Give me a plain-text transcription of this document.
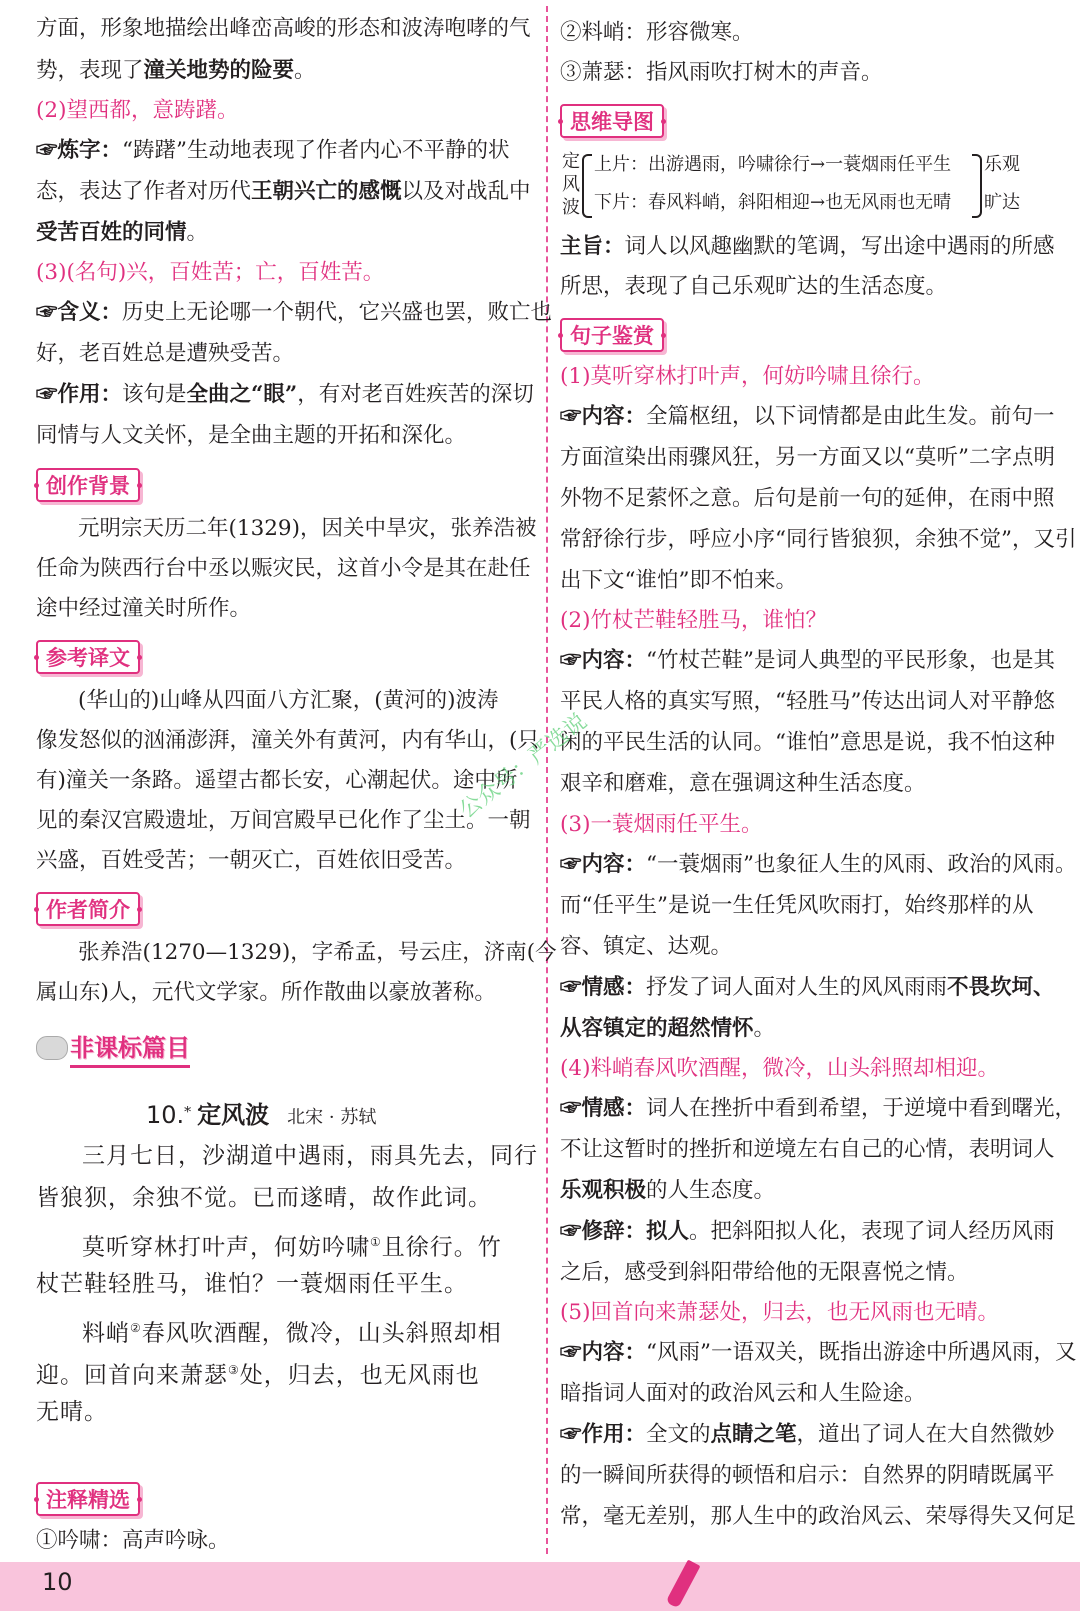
方面，形象地描绘出峰峦高峻的形态和波涛咆哮的气
势，表现了潼关地势的险要。
(2)望西都，意踌躇。
☞炼字：“踌躇”生动地表现了作者内心不平静的状
态，表达了作者对历代王朝兴亡的感慨以及对战乱中
受苦百姓的同情。
(3)(名句)兴，百姓苦；亡，百姓苦。
☞含义：历史上无论哪一个朝代，它兴盛也罢，败亡也
好，老百姓总是遭殃受苦。
☞作用：该句是全曲之“眼”，有对老百姓疾苦的深切
同情与人文关怀，是全曲主题的开拓和深化。
创作背景
元明宗天历二年(1329)，因关中旱灾，张养浩被
任命为陕西行台中丞以赈灾民，这首小令是其在赴任
途中经过潼关时所作。
参考译文
(华山的)山峰从四面八方汇聚，(黄河的)波涛
像发怒似的汹涌澎湃，潼关外有黄河，内有华山，(只
有)潼关一条路。遥望古都长安，心潮起伏。途中所
见的秦汉宫殿遗址，万间宫殿早已化作了尘土。一朝
兴盛，百姓受苦；一朝灭亡，百姓依旧受苦。
作者简介
张养浩(1270—1329)，字希孟，号云庄，济南(今
属山东)人，元代文学家。所作散曲以豪放著称。
非课标篇目
10.* 定风波 北宋 · 苏轼
三月七日，沙湖道中遇雨，雨具先去，同行
皆狼狈，余独不觉。已而遂晴，故作此词。
莫听穿林打叶声，何妨吟啸①且徐行。竹
杖芒鞋轻胜马，谁怕？一蓑烟雨任平生。
料峭②春风吹酒醒，微冷，山头斜照却相
迎。回首向来萧瑟③处，归去，也无风雨也
无晴。
注释精选
①吟啸：高声吟咏。
②料峭：形容微寒。
③萧瑟：指风雨吹打树木的声音。
思维导图
定
风
波
上片：出游遇雨，吟啸徐行→一蓑烟雨任平生
下片：春风料峭，斜阳相迎→也无风雨也无晴
乐观
旷达
主旨：词人以风趣幽默的笔调，写出途中遇雨的所感
所思，表现了自己乐观旷达的生活态度。
句子鉴赏
(1)莫听穿林打叶声，何妨吟啸且徐行。
☞内容：全篇枢纽，以下词情都是由此生发。前句一
方面渲染出雨骤风狂，另一方面又以“莫听”二字点明
外物不足萦怀之意。后句是前一句的延伸，在雨中照
常舒徐行步，呼应小序“同行皆狼狈，余独不觉”，又引
出下文“谁怕”即不怕来。
(2)竹杖芒鞋轻胜马，谁怕？
☞内容：“竹杖芒鞋”是词人典型的平民形象，也是其
平民人格的真实写照，“轻胜马”传达出词人对平静悠
闲的平民生活的认同。“谁怕”意思是说，我不怕这种
艰辛和磨难，意在强调这种生活态度。
(3)一蓑烟雨任平生。
☞内容：“一蓑烟雨”也象征人生的风雨、政治的风雨。
而“任平生”是说一生任凭风吹雨打，始终那样的从
容、镇定、达观。
☞情感：抒发了词人面对人生的风风雨雨不畏坎坷、
从容镇定的超然情怀。
(4)料峭春风吹酒醒，微冷，山头斜照却相迎。
☞情感：词人在挫折中看到希望，于逆境中看到曙光，
不让这暂时的挫折和逆境左右自己的心情，表明词人
乐观积极的人生态度。
☞修辞：拟人。把斜阳拟人化，表现了词人经历风雨
之后，感受到斜阳带给他的无限喜悦之情。
(5)回首向来萧瑟处，归去，也无风雨也无晴。
☞内容：“风雨”一语双关，既指出游途中所遇风雨，又
暗指词人面对的政治风云和人生险途。
☞作用：全文的点睛之笔，道出了词人在大自然微妙
的一瞬间所获得的顿悟和启示：自然界的阴晴既属平
常，毫无差别，那人生中的政治风云、荣辱得失又何足
公众号：严选说
10
